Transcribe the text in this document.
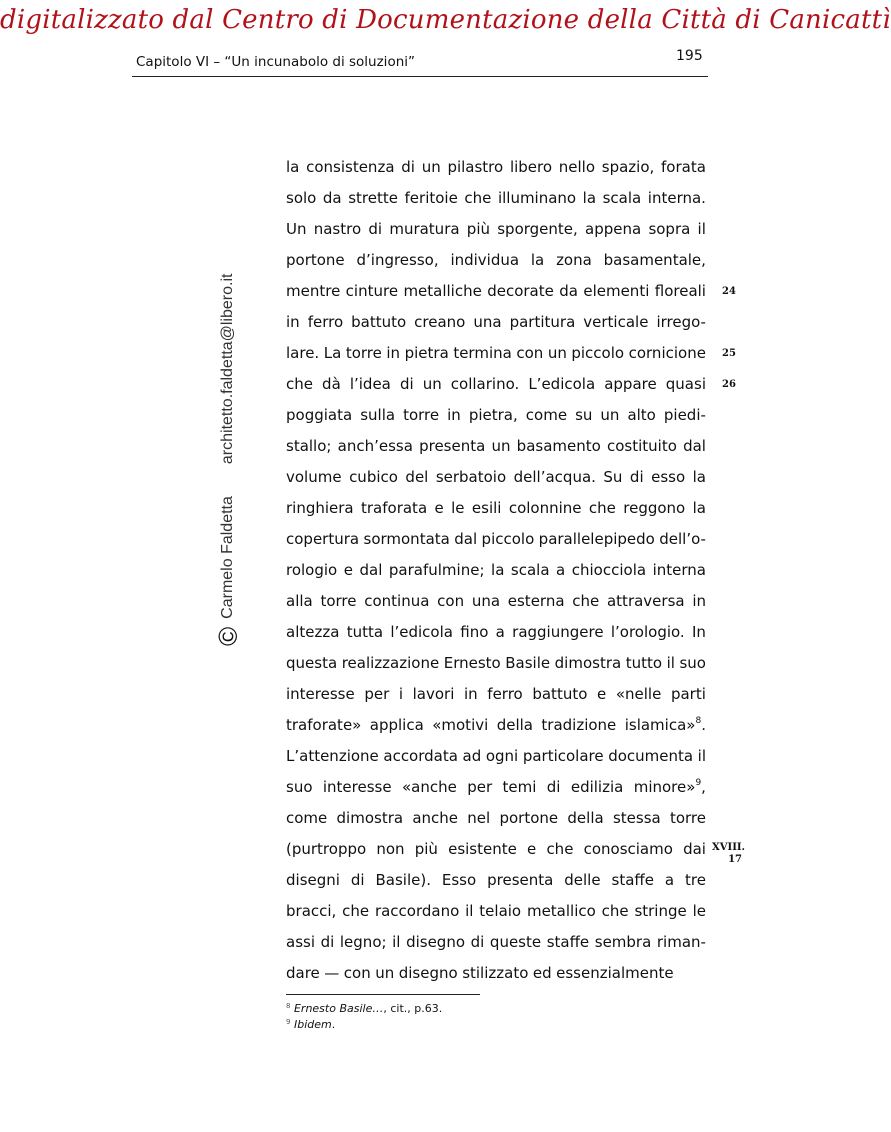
digitalizzato dal Centro di Documentazione della Città di Canicattì
Capitolo VI – “Un incunabolo di soluzioni”	195
©
Carmelo Faldetta
architetto.faldetta@libero.it
la consistenza di un pilastro libero nello spazio, forata
solo da strette feritoie che illuminano la scala interna.
Un nastro di muratura più sporgente, appena sopra il
portone d’ingresso, individua la zona basamentale,
mentre cinture metalliche decorate da elementi floreali
in ferro battuto creano una partitura verticale irrego-
lare. La torre in pietra termina con un piccolo cornicione
che dà l’idea di un collarino. L’edicola appare quasi
poggiata sulla torre in pietra, come su un alto piedi-
stallo; anch’essa presenta un basamento costituito dal
volume cubico del serbatoio dell’acqua. Su di esso la
ringhiera traforata e le esili colonnine che reggono la
copertura sormontata dal piccolo parallelepipedo dell’o-
rologio e dal parafulmine; la scala a chiocciola interna
alla torre continua con una esterna che attraversa in
altezza tutta l’edicola fino a raggiungere l’orologio. In
questa realizzazione Ernesto Basile dimostra tutto il suo
interesse per i lavori in ferro battuto e «nelle parti
traforate» applica «motivi della tradizione islamica»$^8$.
L’attenzione accordata ad ogni particolare documenta il
suo interesse «anche per temi di edilizia minore»$^9$,
come dimostra anche nel portone della stessa torre
(purtroppo non più esistente e che conosciamo dai
disegni di Basile). Esso presenta delle staffe a tre
bracci, che raccordano il telaio metallico che stringe le
assi di legno; il disegno di queste staffe sembra riman-
dare — con un disegno stilizzato ed essenzialmente
24
25
26
XVIII.
17
$^8$ Ernesto Basile…, cit., p.63.
$^9$ Ibidem.
